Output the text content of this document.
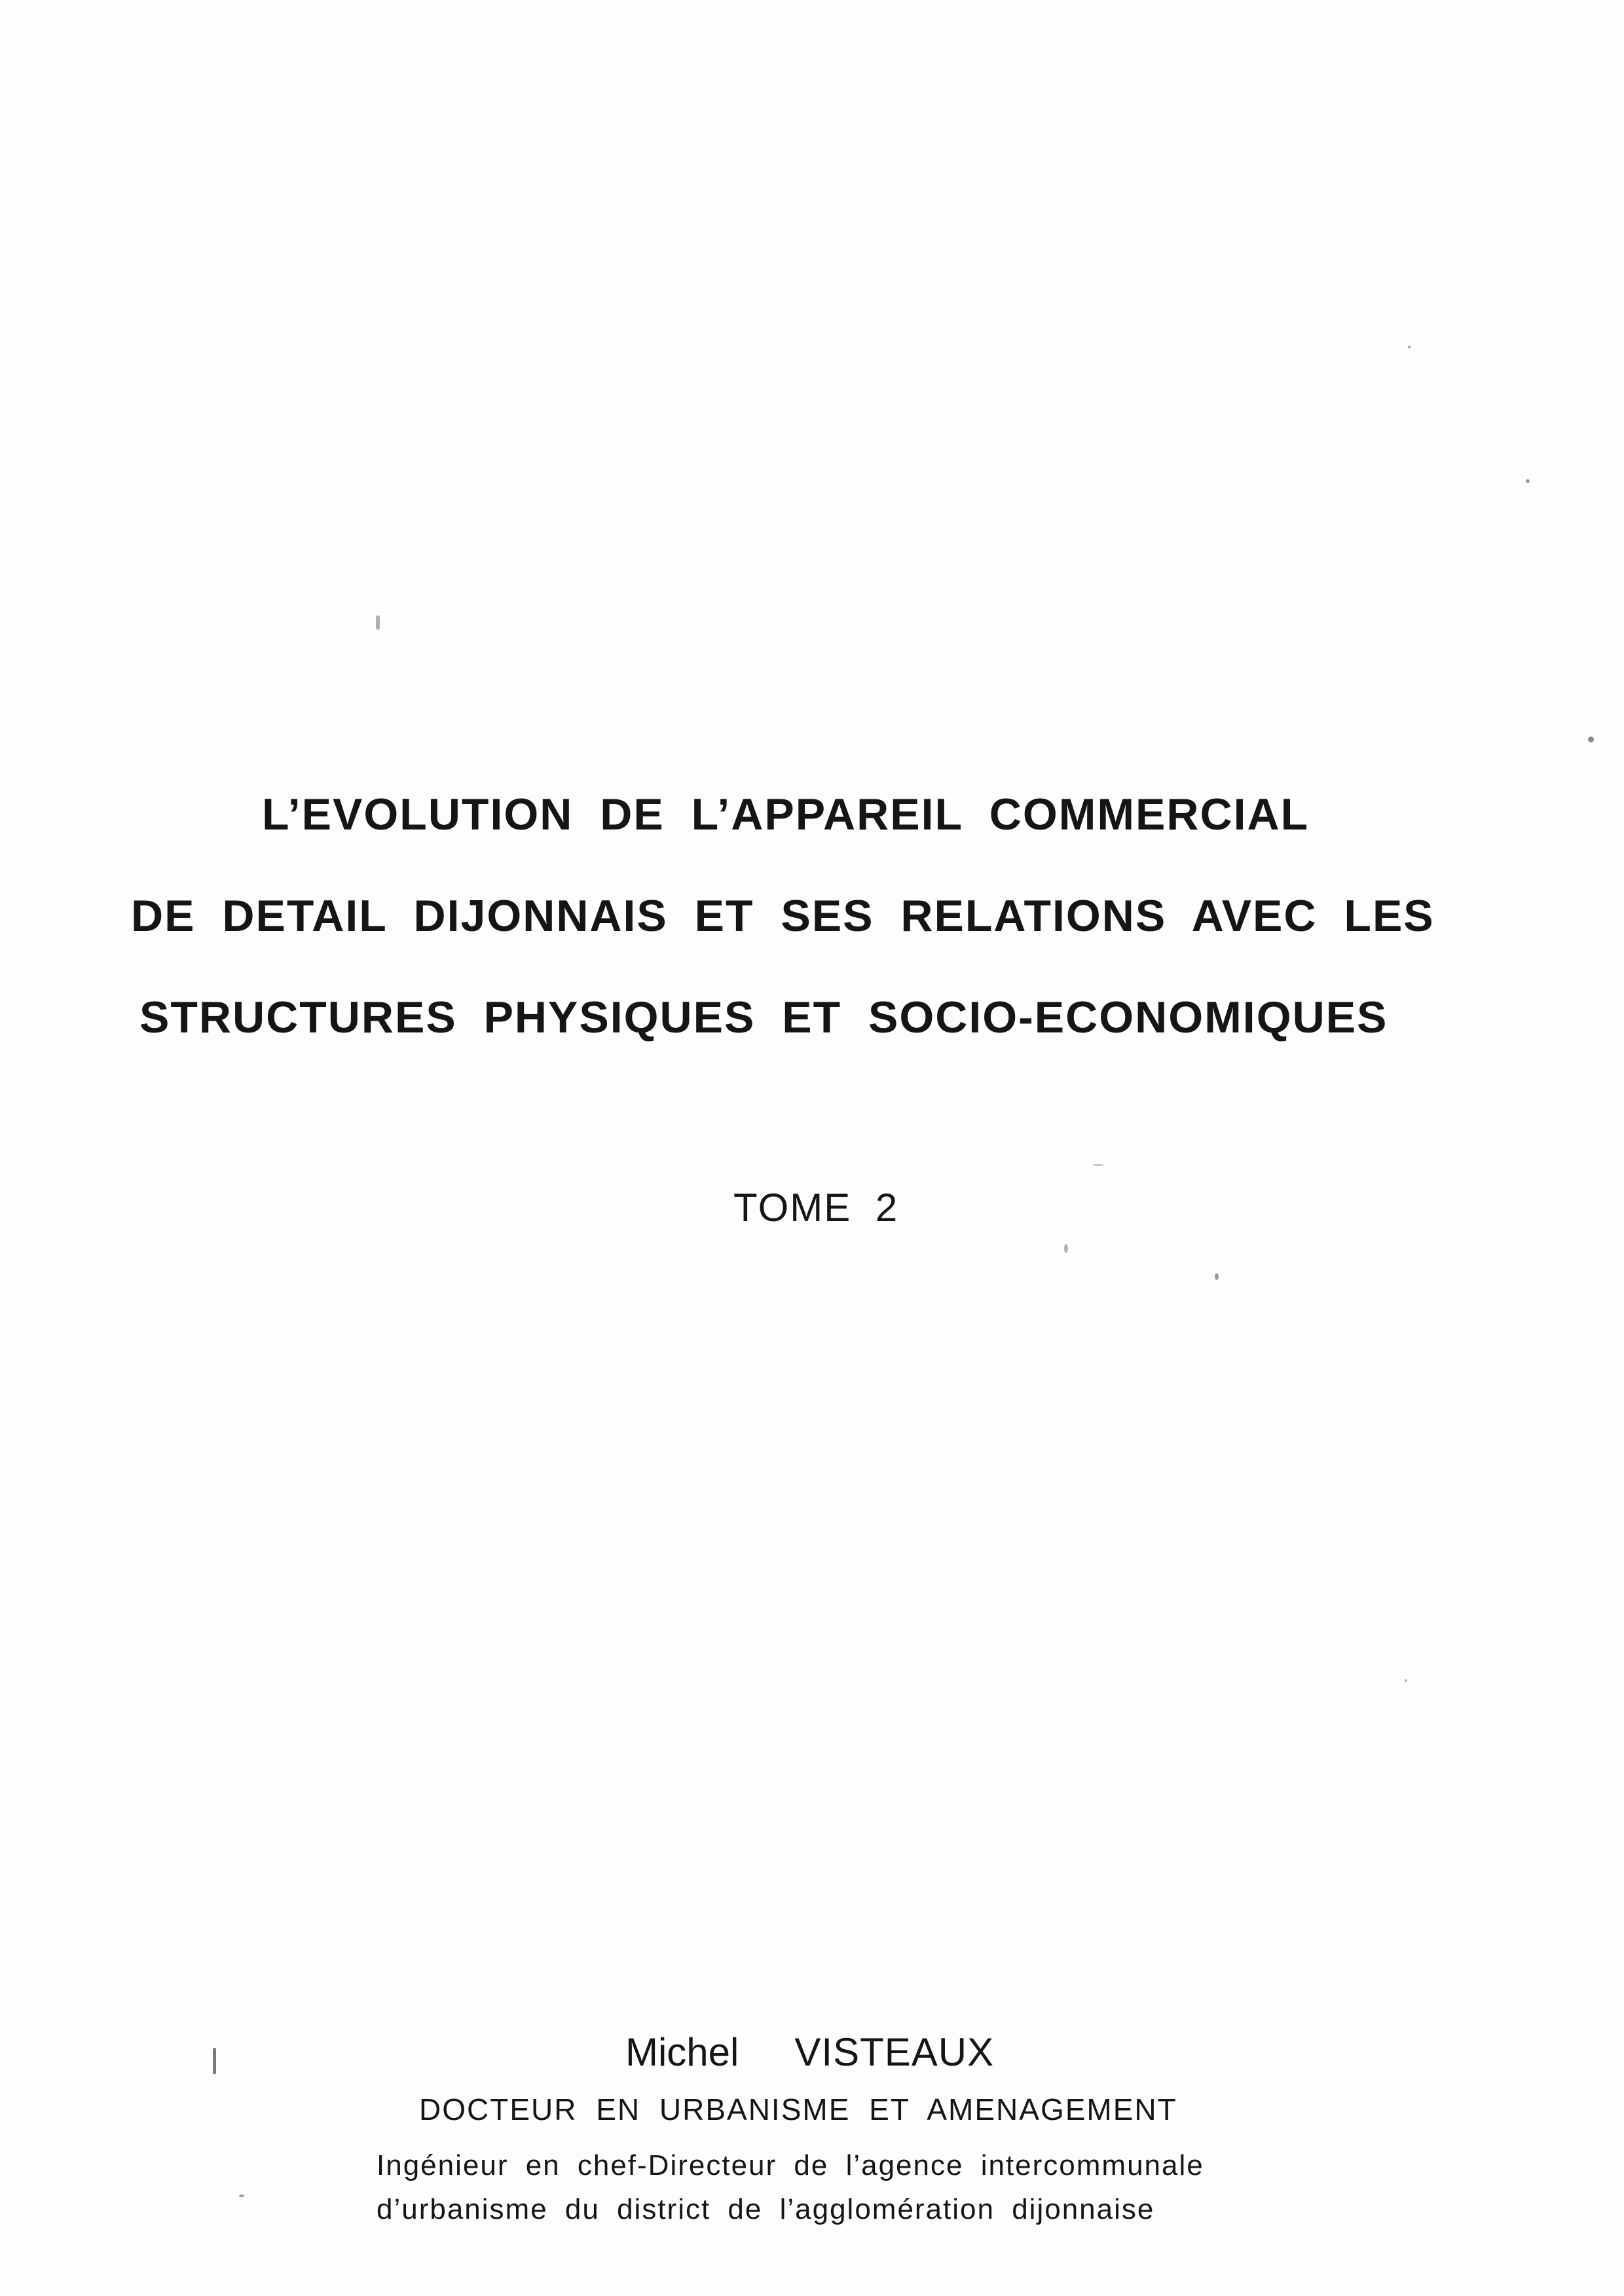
L’EVOLUTION DE L’APPAREIL COMMERCIAL
DE DETAIL DIJONNAIS ET SES RELATIONS AVEC LES
STRUCTURES PHYSIQUES ET SOCIO-ECONOMIQUES
TOME 2
Michel VISTEAUX
DOCTEUR EN URBANISME ET AMENAGEMENT
Ingénieur en chef-Directeur de l’agence intercommunale
d’urbanisme du district de l’agglomération dijonnaise
